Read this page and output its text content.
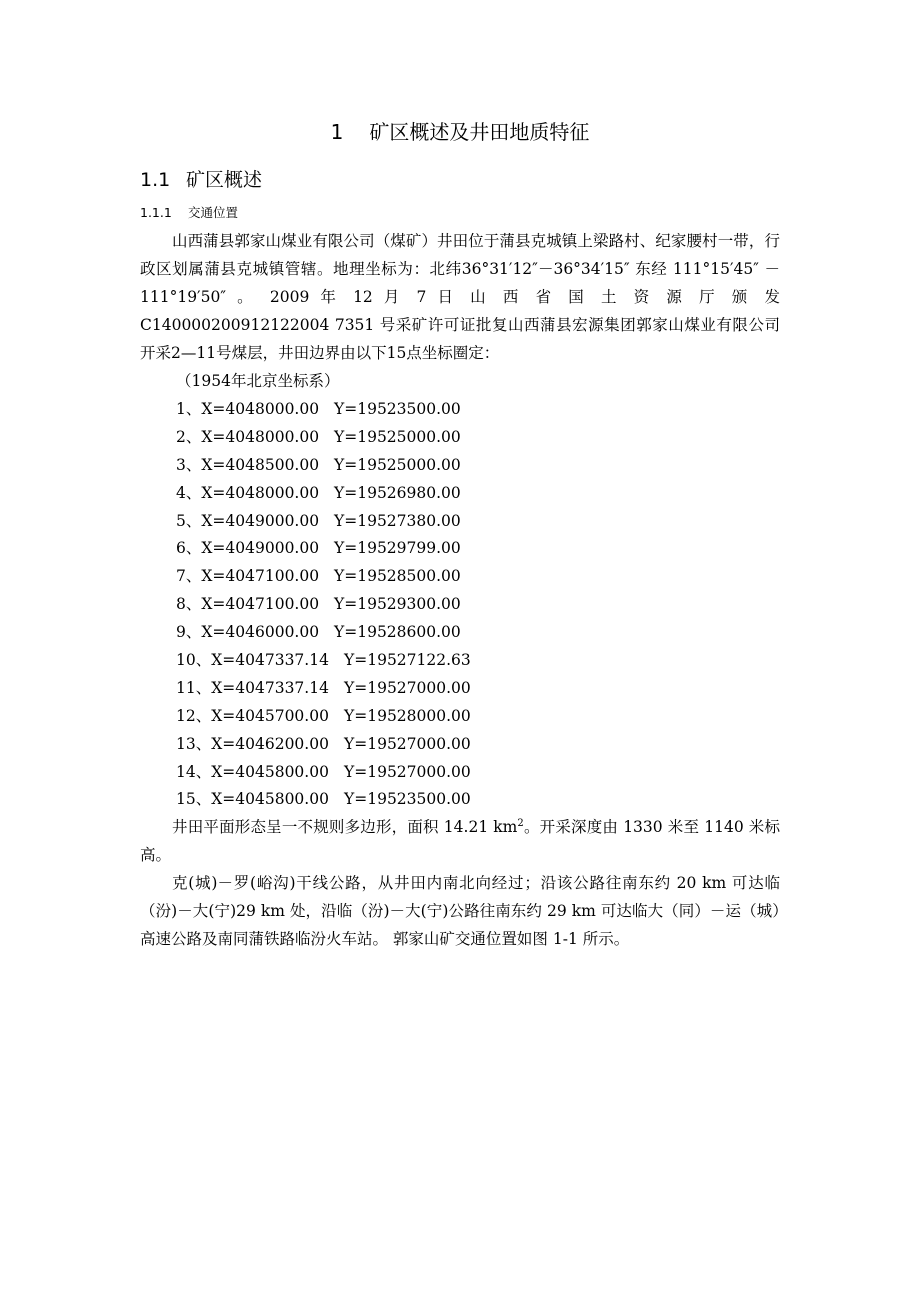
1 矿区概述及井田地质特征
1.1 矿区概述
1.1.1 交通位置

山西蒲县郭家山煤业有限公司（煤矿）井田位于蒲县克城镇上梁路村、纪家腰村一带，行政区划属蒲县克城镇管辖。地理坐标为：北纬36°31′12″－36°34′15″ 东经 111°15′45″ － 111°19′50″ 。 2009 年 12 月 7 日 山 西 省 国 土 资 源 厅 颁 发 C140000200912122004 7351 号采矿许可证批复山西蒲县宏源集团郭家山煤业有限公司开采2—11号煤层，井田边界由以下15点坐标圈定：

（1954年北京坐标系）
1、X=4048000.00 Y=19523500.00
2、X=4048000.00 Y=19525000.00
3、X=4048500.00 Y=19525000.00
4、X=4048000.00 Y=19526980.00
5、X=4049000.00 Y=19527380.00
6、X=4049000.00 Y=19529799.00
7、X=4047100.00 Y=19528500.00
8、X=4047100.00 Y=19529300.00
9、X=4046000.00 Y=19528600.00
10、X=4047337.14 Y=19527122.63
11、X=4047337.14 Y=19527000.00
12、X=4045700.00 Y=19528000.00
13、X=4046200.00 Y=19527000.00
14、X=4045800.00 Y=19527000.00
15、X=4045800.00 Y=19523500.00

井田平面形态呈一不规则多边形，面积 14.21 $km^2$。开采深度由 1330 米至 1140 米标高。

克(城)－罗(峪沟)干线公路，从井田内南北向经过；沿该公路往南东约 20 km 可达临（汾)－大(宁)29 km 处，沿临（汾)－大(宁)公路往南东约 29 km 可达临大（同）－运（城）高速公路及南同蒲铁路临汾火车站。 郭家山矿交通位置如图 1-1 所示。
